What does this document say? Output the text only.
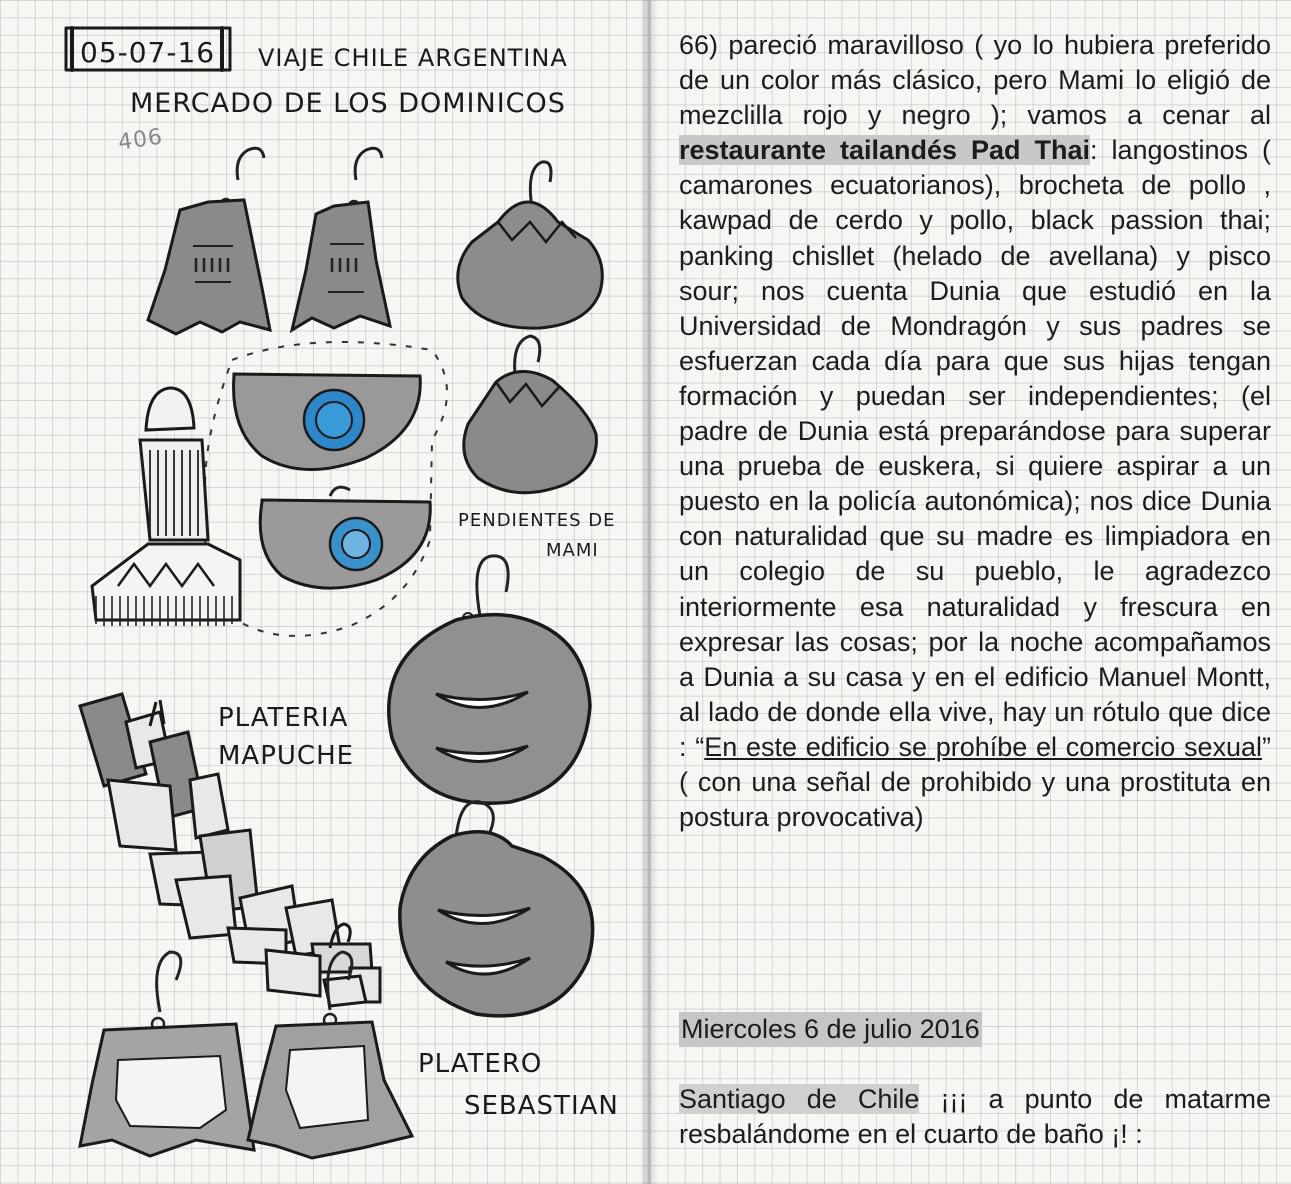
05-07-16 VIAJE CHILE ARGENTINA
MERCADO DE LOS DOMINICOS
406
PENDIENTES DE
MAMI
PLATERIA
MAPUCHE
PLATERO
SEBASTIAN

66) pareció maravilloso ( yo lo hubiera preferido de un color más clásico, pero Mami lo eligió de mezclilla rojo y negro ); vamos a cenar al restaurante tailandés Pad Thai: langostinos ( camarones ecuatorianos), brocheta de pollo , kawpad de cerdo y pollo, black passion thai; panking chisllet (helado de avellana) y pisco sour; nos cuenta Dunia que estudió en la Universidad de Mondragón y sus padres se esfuerzan cada día para que sus hijas tengan formación y puedan ser independientes; (el padre de Dunia está preparándose para superar una prueba de euskera, si quiere aspirar a un puesto en la policía autonómica); nos dice Dunia con naturalidad que su madre es limpiadora en un colegio de su pueblo, le agradezco interiormente esa naturalidad y frescura en expresar las cosas; por la noche acompañamos a Dunia a su casa y en el edificio Manuel Montt, al lado de donde ella vive, hay un rótulo que dice : “En este edificio se prohíbe el comercio sexual” ( con una señal de prohibido y una prostituta en postura provocativa)

Miercoles 6 de julio 2016
Santiago de Chile ¡¡¡ a punto de matarme resbalándome en el cuarto de baño ¡! :
